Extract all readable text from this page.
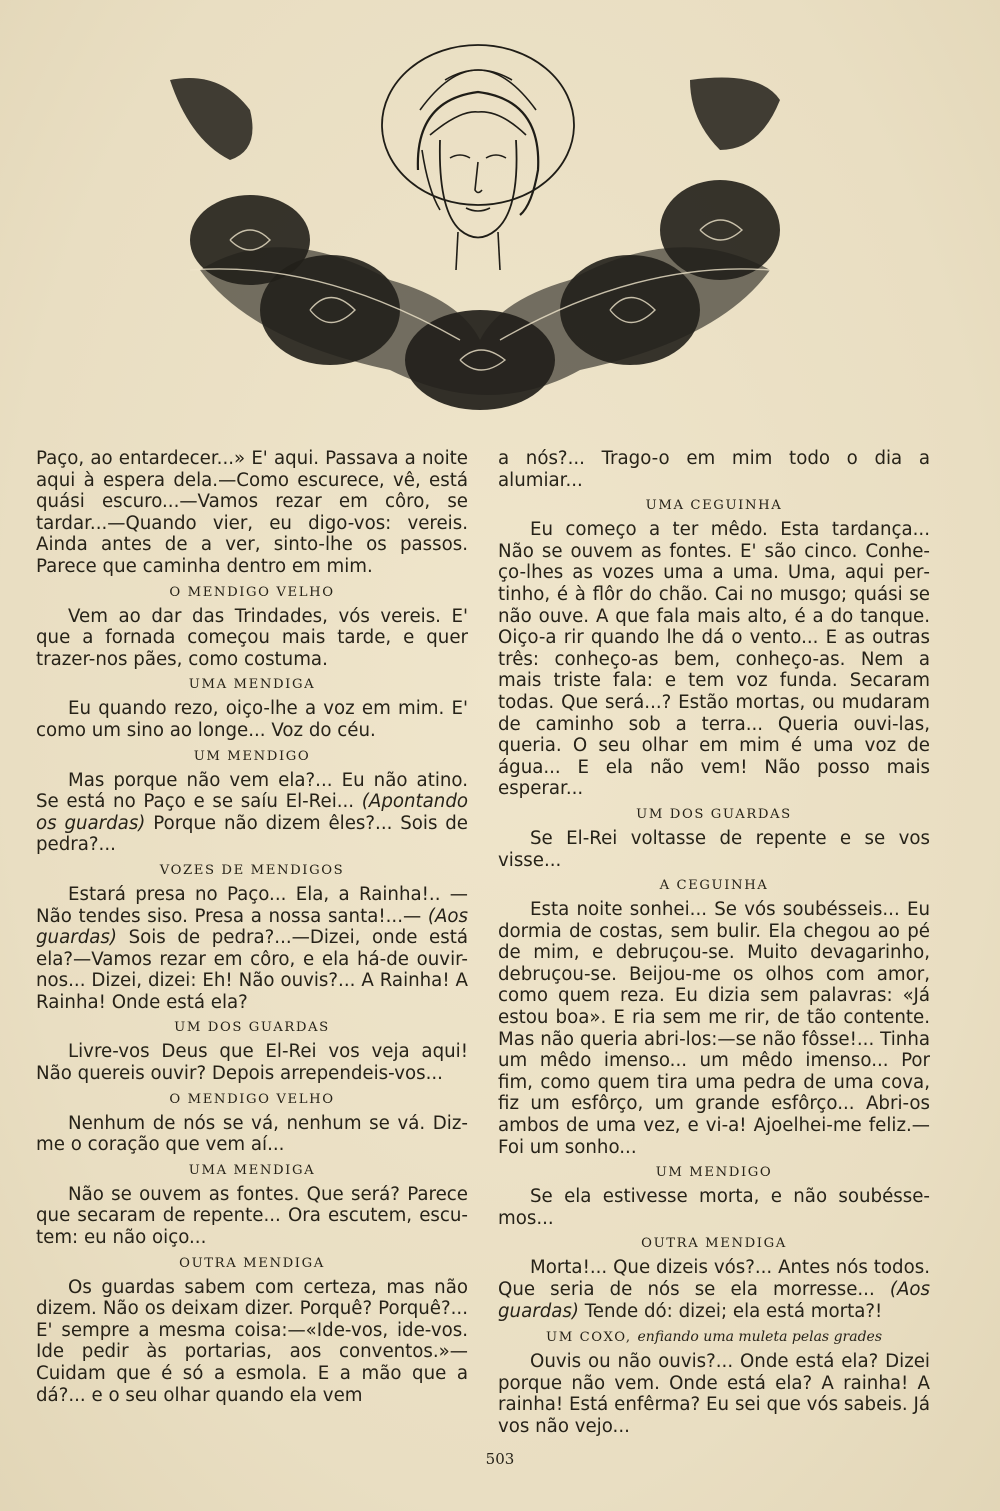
Paço, ao entardecer...» E' aqui. Passava a noite aqui à espera dela.—Como escurece, vê, está quási escuro...—Vamos rezar em côro, se tardar...—Quando vier, eu digo-vos: vereis. Ainda antes de a ver, sinto-lhe os passos. Parece que caminha dentro em mim.

O MENDIGO VELHO

Vem ao dar das Trindades, vós vereis. E' que a fornada começou mais tarde, e quer trazer-nos pães, como costuma.

UMA MENDIGA

Eu quando rezo, oiço-lhe a voz em mim. E' como um sino ao longe... Voz do céu.

UM MENDIGO

Mas porque não vem ela?... Eu não atino. Se está no Paço e se saíu El-Rei... (Apontando os guardas) Porque não dizem êles?... Sois de pedra?...

VOZES DE MENDIGOS

Estará presa no Paço... Ela, a Rainha!.. —Não tendes siso. Presa a nossa santa!...— (Aos guardas) Sois de pedra?...—Dizei, onde está ela?—Vamos rezar em côro, e ela há-de ouvir-nos... Dizei, dizei: Eh! Não ouvis?... A Rainha! A Rainha! Onde está ela?

UM DOS GUARDAS

Livre-vos Deus que El-Rei vos veja aqui! Não quereis ouvir? Depois arrependeis-vos...

O MENDIGO VELHO

Nenhum de nós se vá, nenhum se vá. Dizme o coração que vem aí...

UMA MENDIGA

Não se ouvem as fontes. Que será? Parece que secaram de repente... Ora escutem, escutem: eu não oiço...

OUTRA MENDIGA

Os guardas sabem com certeza, mas não dizem. Não os deixam dizer. Porquê? Porquê?... E' sempre a mesma coisa:—«Ide-vos, ide-vos. Ide pedir às portarias, aos conventos.»—Cuidam que é só a esmola. E a mão que a dá?... e o seu olhar quando ela vem

a nós?... Trago-o em mim todo o dia a alumiar...

UMA CEGUINHA

Eu começo a ter mêdo. Esta tardança... Não se ouvem as fontes. E' são cinco. Conheço-lhes as vozes uma a uma. Uma, aqui pertinho, é à flôr do chão. Cai no musgo; quási se não ouve. A que fala mais alto, é a do tanque. Oiço-a rir quando lhe dá o vento... E as outras três: conheço-as bem, conheço-as. Nem a mais triste fala: e tem voz funda. Secaram todas. Que será...? Estão mortas, ou mudaram de caminho sob a terra... Queria ouvi-las, queria. O seu olhar em mim é uma voz de água... E ela não vem! Não posso mais esperar...

UM DOS GUARDAS

Se El-Rei voltasse de repente e se vos visse...

A CEGUINHA

Esta noite sonhei... Se vós soubésseis... Eu dormia de costas, sem bulir. Ela chegou ao pé de mim, e debruçou-se. Muito devagarinho, debruçou-se. Beijou-me os olhos com amor, como quem reza. Eu dizia sem palavras: «Já estou boa». E ria sem me rir, de tão contente. Mas não queria abri-los:—se não fôsse!... Tinha um mêdo imenso... um mêdo imenso... Por fim, como quem tira uma pedra de uma cova, fiz um esfôrço, um grande esfôrço... Abri-os ambos de uma vez, e vi-a! Ajoelhei-me feliz.—Foi um sonho...

UM MENDIGO

Se ela estivesse morta, e não soubéssemos...

OUTRA MENDIGA

Morta!... Que dizeis vós?... Antes nós todos. Que seria de nós se ela morresse... (Aos guardas) Tende dó: dizei; ela está morta?!

UM COXO, enfiando uma muleta pelas grades

Ouvis ou não ouvis?... Onde está ela? Dizei porque não vem. Onde está ela? A rainha! A rainha! Está enfêrma? Eu sei que vós sabeis. Já vos não vejo...

503
